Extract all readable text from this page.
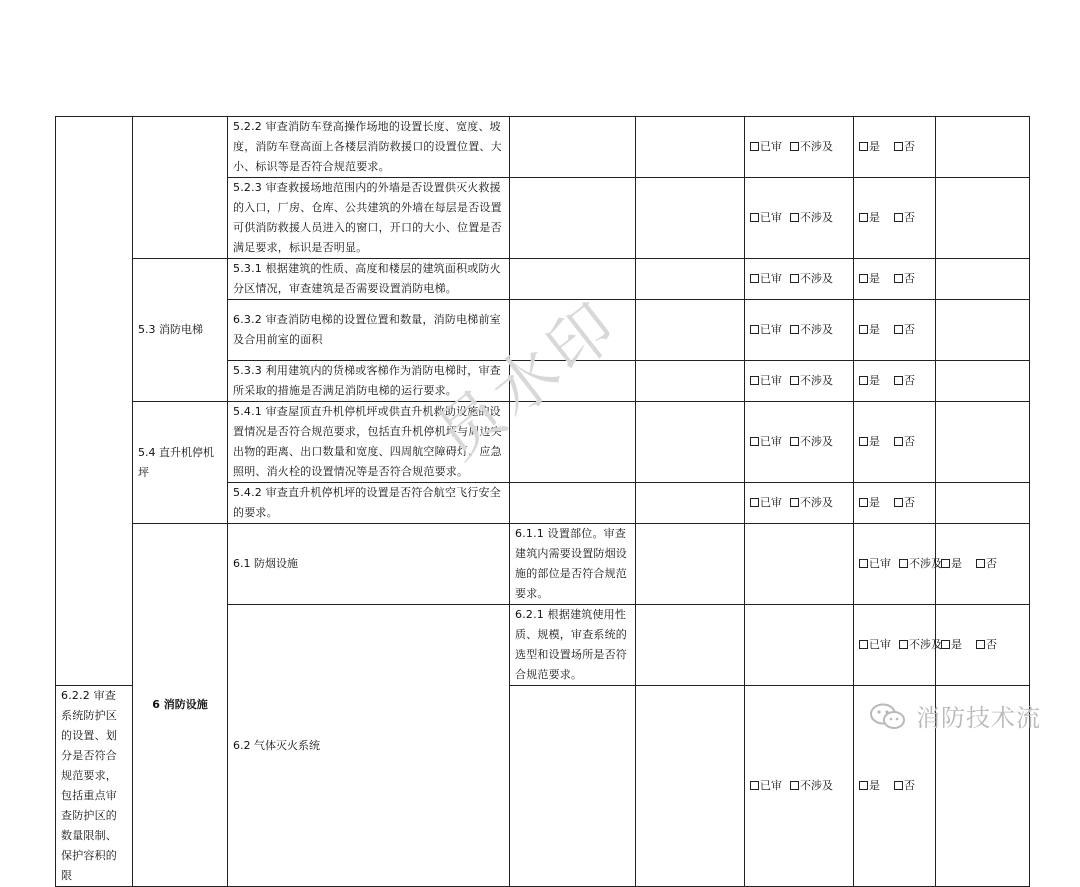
		5.2.2 审查消防车登高操作场地的设置长度、宽度、坡度，消防车登高面上各楼层消防救援口的设置位置、大小、标识等是否符合规范要求。			已审 不涉及	是 否		
		5.2.3 审查救援场地范围内的外墙是否设置供灭火救援的入口，厂房、仓库、公共建筑的外墙在每层是否设置可供消防救援人员进入的窗口，开口的大小、位置是否满足要求，标识是否明显。			已审 不涉及	是 否		
	5.3 消防电梯	5.3.1 根据建筑的性质、高度和楼层的建筑面积或防火分区情况，审查建筑是否需要设置消防电梯。			已审 不涉及	是 否		
		6.3.2 审查消防电梯的设置位置和数量，消防电梯前室及合用前室的面积			已审 不涉及	是 否		
		5.3.3 利用建筑内的货梯或客梯作为消防电梯时，审查所采取的措施是否满足消防电梯的运行要求。			已审 不涉及	是 否		
	5.4 直升机停机坪	5.4.1 审查屋顶直升机停机坪或供直升机救助设施的设置情况是否符合规范要求，包括直升机停机坪与周边突出物的距离、出口数量和宽度、四周航空障碍灯、应急照明、消火栓的设置情况等是否符合规范要求。			已审 不涉及	是 否		
		5.4.2 审查直升机停机坪的设置是否符合航空飞行安全的要求。			已审 不涉及	是 否		
	6 消防设施	6.1 防烟设施	6.1.1 设置部位。审查建筑内需要设置防烟设施的部位是否符合规范要求。			已审 不涉及	是 否	
		6.2 气体灭火系统	6.2.1 根据建筑使用性质、规模，审查系统的选型和设置场所是否符合规范要求。			已审 不涉及	是 否	
6.2.2 审查系统防护区的设置、划分是否符合规范要求，包括重点审查防护区的数量限制、保护容积的限					已审 不涉及	是 否		
员水印
消防技术流
